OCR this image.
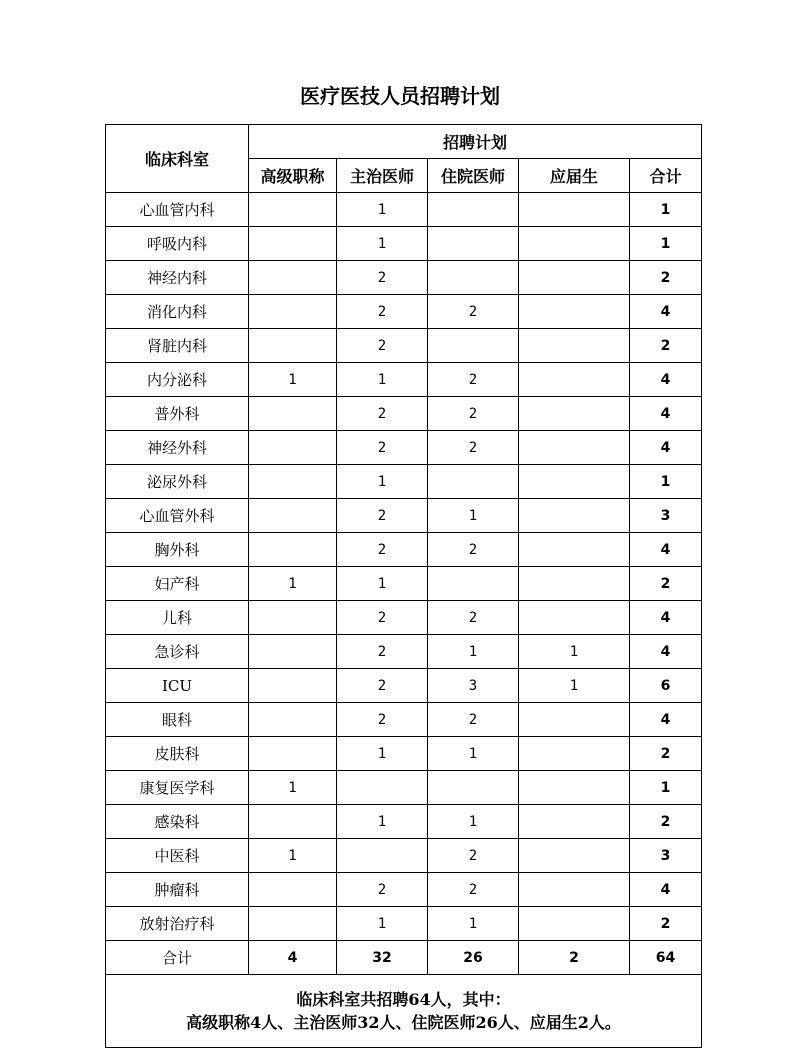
医疗医技人员招聘计划
临床科室	招聘计划				
	高级职称	主治医师	住院医师	应届生	合计
心血管内科		1			1
呼吸内科		1			1
神经内科		2			2
消化内科		2	2		4
肾脏内科		2			2
内分泌科	1	1	2		4
普外科		2	2		4
神经外科		2	2		4
泌尿外科		1			1
心血管外科		2	1		3
胸外科		2	2		4
妇产科	1	1			2
儿科		2	2		4
急诊科		2	1	1	4
ICU		2	3	1	6
眼科		2	2		4
皮肤科		1	1		2
康复医学科	1				1
感染科		1	1		2
中医科	1		2		3
肿瘤科		2	2		4
放射治疗科		1	1		2
合计	4	32	26	2	64

临床科室共招聘64人，其中：
高级职称4人、主治医师32人、住院医师26人、应届生2人。					
